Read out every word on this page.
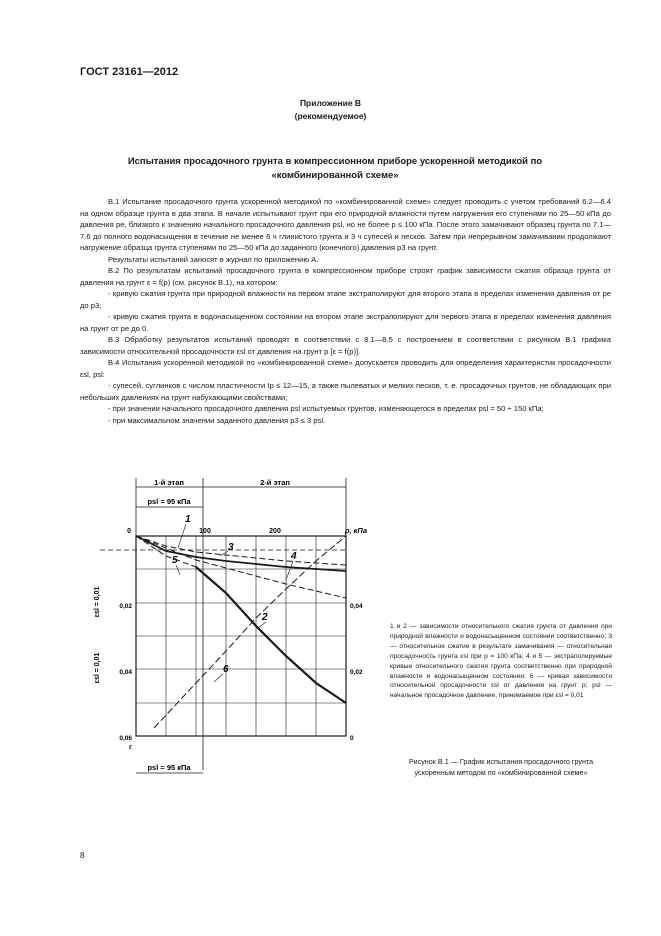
ГОСТ 23161—2012
Приложение В
(рекомендуемое)
Испытания просадочного грунта в компрессионном приборе ускоренной методикой по «комбинированной схеме»

В.1 Испытание просадочного грунта ускоренной методикой по «комбинированной схеме» следует проводить с учетом требований 6.2—6.4 на одном образце грунта в два этапа. В начале испытывают грунт при его природной влажности путем нагружения его ступенями по 25—50 кПа до давления pe, близкого к значению начального просадочного давления psl, но не более p ≤ 100 кПа. После этого замачивают образец грунта по 7.1—7.6 до полного водонасыщения в течение не менее 6 ч глинистого грунта и 3 ч супесей и песков. Затем при непрерывном замачивании продолжают нагружение образца грунта ступенями по 25—50 кПа до заданного (конечного) давления p3 на грунт.

Результаты испытаний заносят в журнал по приложению А.

В.2 По результатам испытаний просадочного грунта в компрессионном приборе строят график зависимости сжатия образца грунта от давления на грунт ε = f(p) (см. рисунок В.1), на котором:

- кривую сжатия грунта при природной влажности на первом этапе экстраполируют для второго этапа в пределах изменения давления от pe до p3;

- кривую сжатия грунта в водонасыщенном состоянии на втором этапе экстраполируют для первого этапа в пределах изменения давления на грунт от pe до 0.

В.3 Обработку результатов испытаний проводят в соответствии с 8.1—8.5 с построением в соответствии с рисунком В.1 графика зависимости относительной просадочности εsl от давления на грунт p [ε = f(p)].

В.4 Испытания ускоренной методикой по «комбинированной схеме» допускается проводить для определения характеристик просадочности εsl, psl:

- супесей, суглинков с числом пластичности Ip ≤ 12—15, а также пылеватых и мелких песков, т. е. просадочных грунтов, не обладающих при небольших давлениях на грунт набухающими свойствами;

- при значении начального просадочного давления psl испытуемых грунтов, изменяющегося в пределах psl = 50 ÷ 150 кПа;

- при максимальном значении заданного давления p3 ≤ 3 psl.

1-й этап	2-й этап
psl = 95 кПа
psl = 95 кПа
0	100	200	p, кПа
ε
0,02
0,04
0,06
0,04
0,02
0
εsl = 0,01
εsl = 0,01
1
2
3
4
5
6

1 и 2 — зависимости относительного сжатия грунта от давления при природной влажности и водонасыщенном состоянии соответственно; 3 — относительное сжатие в результате замачивания — относительная просадочность грунта εsl при p = 100 кПа; 4 и 5 — экстраполируемые кривые относительного сжатия грунта соответственно при природной влажности и водонасыщенном состоянии; 6 — кривая зависимости относительной просадочности εsl от давления на грунт p; psl — начальное просадочное давление, принимаемое при εsl = 0,01

Рисунок В.1 — График испытания просадочного грунта ускоренным методом по «комбинированной схеме»
8
